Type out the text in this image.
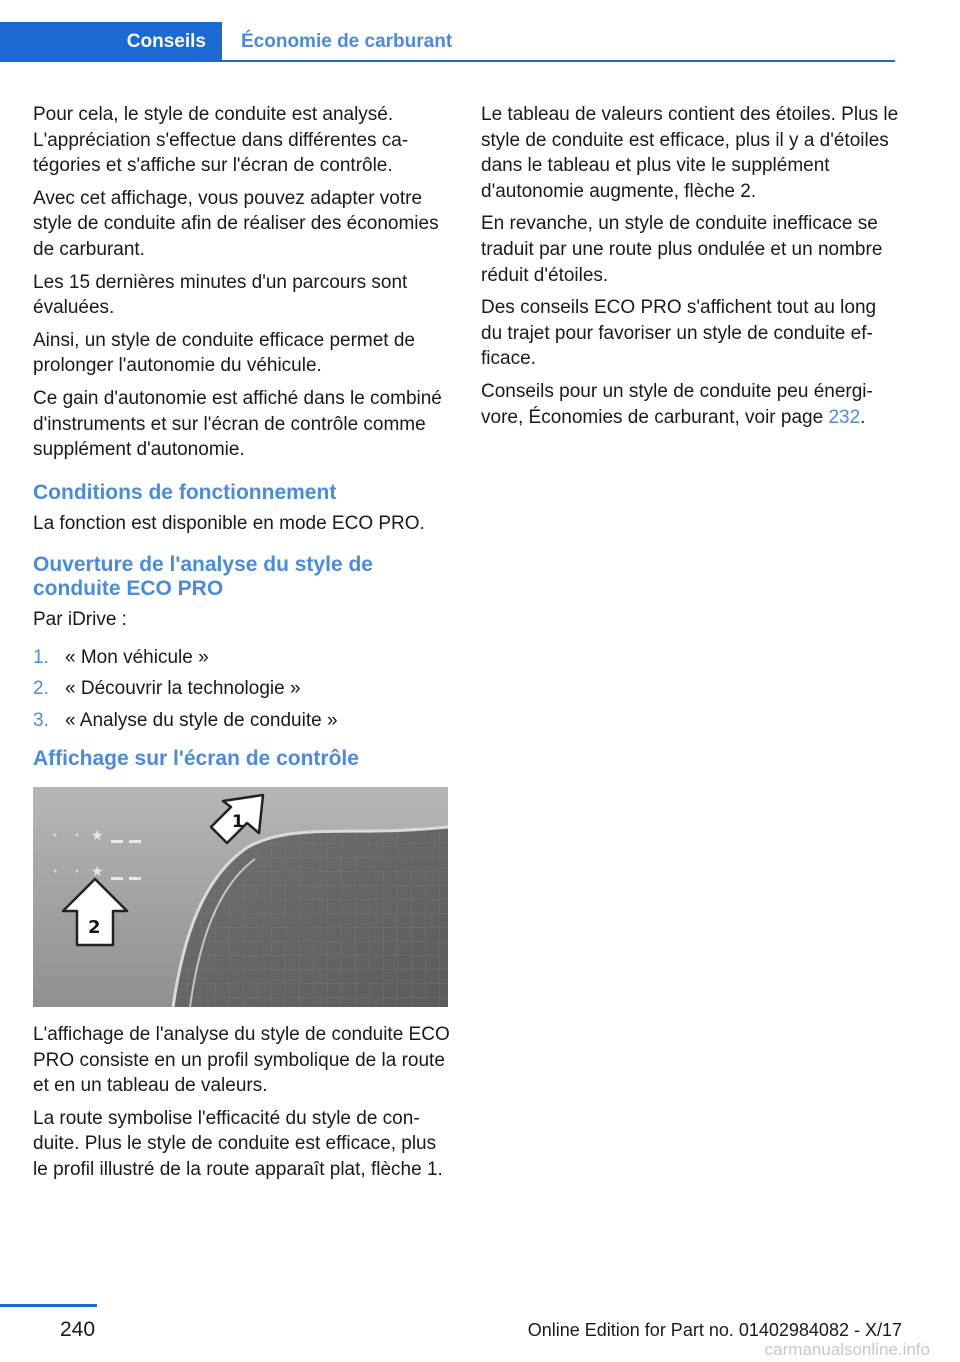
Conseils Économie de carburant

Pour cela, le style de conduite est analysé. L'appréciation s'effectue dans différentes catégories et s'affiche sur l'écran de contrôle.

Avec cet affichage, vous pouvez adapter votre style de conduite afin de réaliser des économies de carburant.

Les 15 dernières minutes d'un parcours sont évaluées.

Ainsi, un style de conduite efficace permet de prolonger l'autonomie du véhicule.

Ce gain d'autonomie est affiché dans le combiné d'instruments et sur l'écran de contrôle comme supplément d'autonomie.

Conditions de fonctionnement

La fonction est disponible en mode ECO PRO.

Ouverture de l'analyse du style de conduite ECO PRO

Par iDrive :

1. « Mon véhicule »
2. « Découvrir la technologie »
3. « Analyse du style de conduite »
Affichage sur l'écran de contrôle
★
★
1
2

L'affichage de l'analyse du style de conduite ECO PRO consiste en un profil symbolique de la route et en un tableau de valeurs.

La route symbolise l'efficacité du style de conduite. Plus le style de conduite est efficace, plus le profil illustré de la route apparaît plat, flèche 1.

Le tableau de valeurs contient des étoiles. Plus le style de conduite est efficace, plus il y a d'étoiles dans le tableau et plus vite le supplément d'autonomie augmente, flèche 2.

En revanche, un style de conduite inefficace se traduit par une route plus ondulée et un nombre réduit d'étoiles.

Des conseils ECO PRO s'affichent tout au long du trajet pour favoriser un style de conduite efficace.

Conseils pour un style de conduite peu énergivore, Économies de carburant, voir page 232.

240	Online Edition for Part no. 01402984082 - X/17
carmanualsonline.info
